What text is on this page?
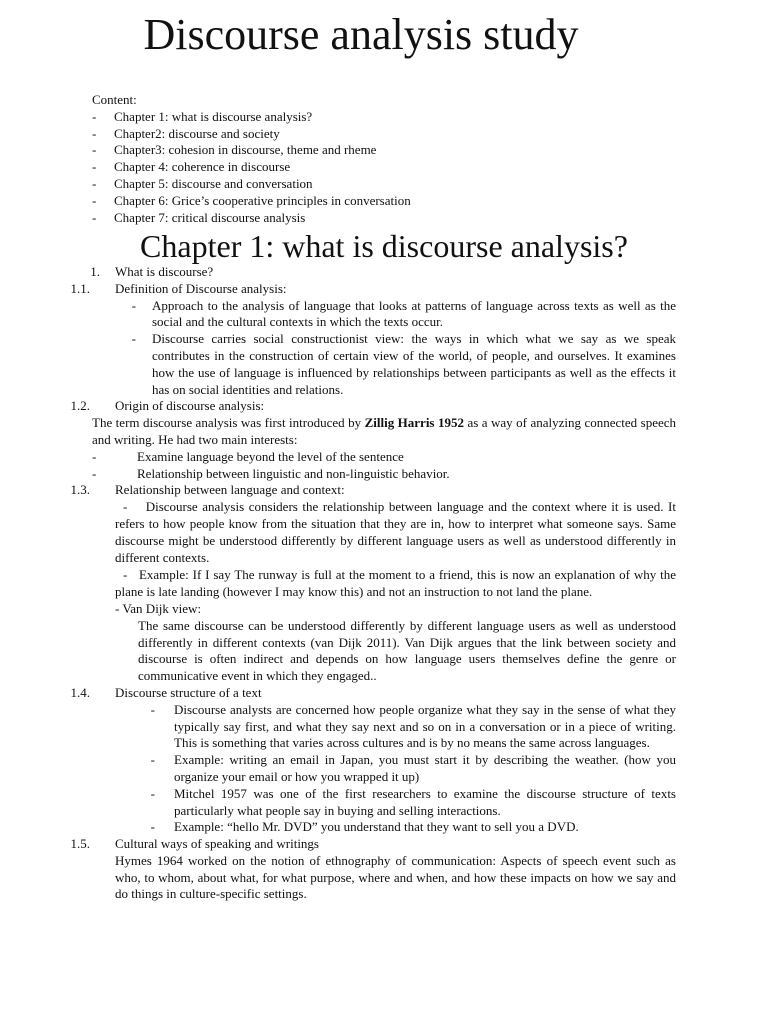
Discourse analysis study
Content:
-	Chapter 1: what is discourse analysis?
-	Chapter2: discourse and society
-	Chapter3: cohesion in discourse, theme and rheme
-	Chapter 4: coherence in discourse
-	Chapter 5: discourse and conversation
-	Chapter 6: Grice’s cooperative principles in conversation
-	Chapter 7: critical discourse analysis
Chapter 1: what is discourse analysis?
1. What is discourse?
1.1. Definition of Discourse analysis:
- Approach to the analysis of language that looks at patterns of language across texts as well as the social and the cultural contexts in which the texts occur.
- Discourse carries social constructionist view: the ways in which what we say as we speak contributes in the construction of certain view of the world, of people, and ourselves. It examines how the use of language is influenced by relationships between participants as well as the effects it has on social identities and relations.
1.2. Origin of discourse analysis:
The term discourse analysis was first introduced by Zillig Harris 1952 as a way of analyzing connected speech and writing. He had two main interests:
-	Examine language beyond the level of the sentence
-	Relationship between linguistic and non-linguistic behavior.
1.3. Relationship between language and context:
-    Discourse analysis considers the relationship between language and the context where it is used. It refers to how people know from the situation that they are in, how to interpret what someone says. Same discourse might be understood differently by different language users as well as understood differently in different contexts.
-   Example: If I say The runway is full at the moment to a friend, this is now an explanation of why the plane is late landing (however I may know this) and not an instruction to not land the plane.
- Van Dijk view:
The same discourse can be understood differently by different language users as well as understood differently in different contexts (van Dijk 2011). Van Dijk argues that the link between society and discourse is often indirect and depends on how language users themselves define the genre or communicative event in which they engaged..
1.4. Discourse structure of a text
- Discourse analysts are concerned how people organize what they say in the sense of what they typically say first, and what they say next and so on in a conversation or in a piece of writing. This is something that varies across cultures and is by no means the same across languages.
- Example: writing an email in Japan, you must start it by describing the weather. (how you organize your email or how you wrapped it up)
- Mitchel 1957 was one of the first researchers to examine the discourse structure of texts particularly what people say in buying and selling interactions.
- Example: “hello Mr. DVD” you understand that they want to sell you a DVD.
1.5. Cultural ways of speaking and writings
Hymes 1964 worked on the notion of ethnography of communication: Aspects of speech event such as who, to whom, about what, for what purpose, where and when, and how these impacts on how we say and do things in culture-specific settings.
